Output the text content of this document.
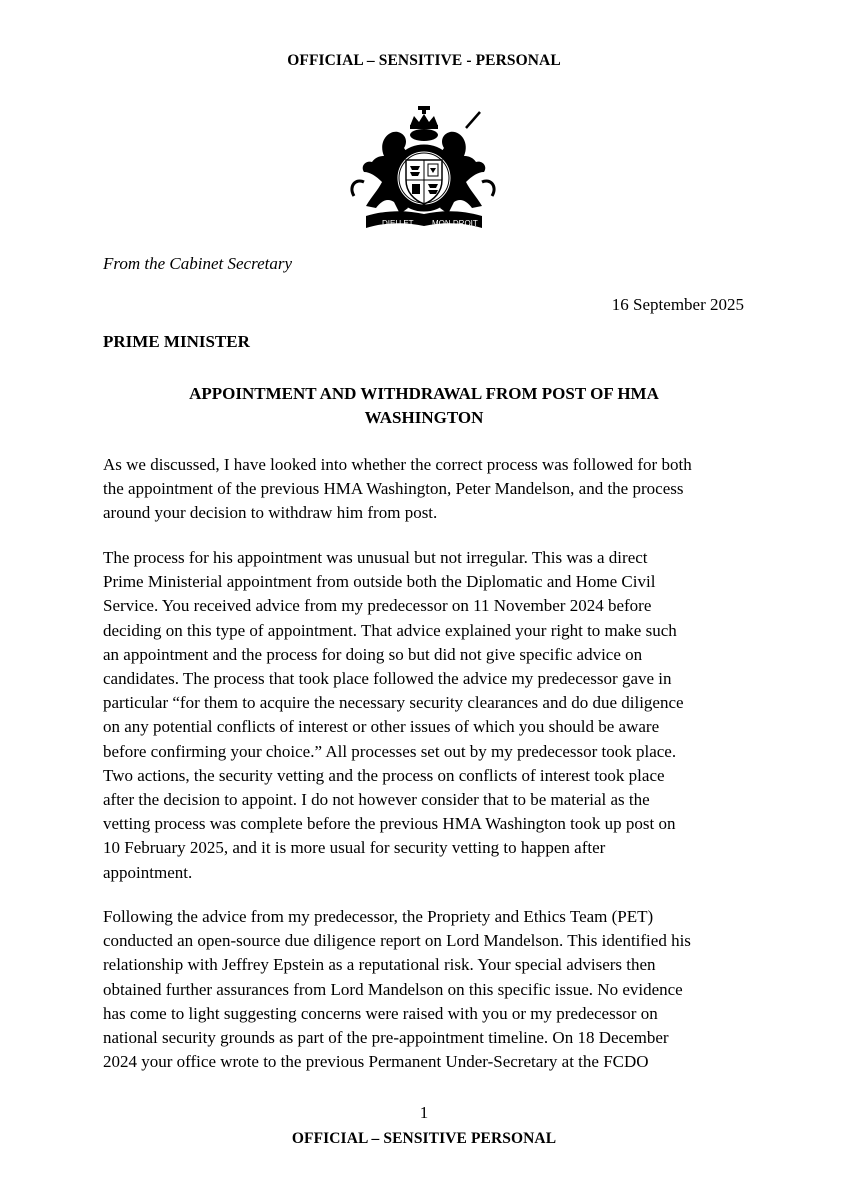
OFFICIAL – SENSITIVE - PERSONAL
DIEU ET MON DROIT
From the Cabinet Secretary
16 September 2025
PRIME MINISTER
APPOINTMENT AND WITHDRAWAL FROM POST OF HMA
WASHINGTON
As we discussed, I have looked into whether the correct process was followed for both
the appointment of the previous HMA Washington, Peter Mandelson, and the process
around your decision to withdraw him from post.
The process for his appointment was unusual but not irregular. This was a direct
Prime Ministerial appointment from outside both the Diplomatic and Home Civil
Service. You received advice from my predecessor on 11 November 2024 before
deciding on this type of appointment. That advice explained your right to make such
an appointment and the process for doing so but did not give specific advice on
candidates. The process that took place followed the advice my predecessor gave in
particular “for them to acquire the necessary security clearances and do due diligence
on any potential conflicts of interest or other issues of which you should be aware
before confirming your choice.” All processes set out by my predecessor took place.
Two actions, the security vetting and the process on conflicts of interest took place
after the decision to appoint. I do not however consider that to be material as the
vetting process was complete before the previous HMA Washington took up post on
10 February 2025, and it is more usual for security vetting to happen after
appointment.
Following the advice from my predecessor, the Propriety and Ethics Team (PET)
conducted an open-source due diligence report on Lord Mandelson. This identified his
relationship with Jeffrey Epstein as a reputational risk. Your special advisers then
obtained further assurances from Lord Mandelson on this specific issue. No evidence
has come to light suggesting concerns were raised with you or my predecessor on
national security grounds as part of the pre-appointment timeline. On 18 December
2024 your office wrote to the previous Permanent Under-Secretary at the FCDO
1
OFFICIAL – SENSITIVE PERSONAL
